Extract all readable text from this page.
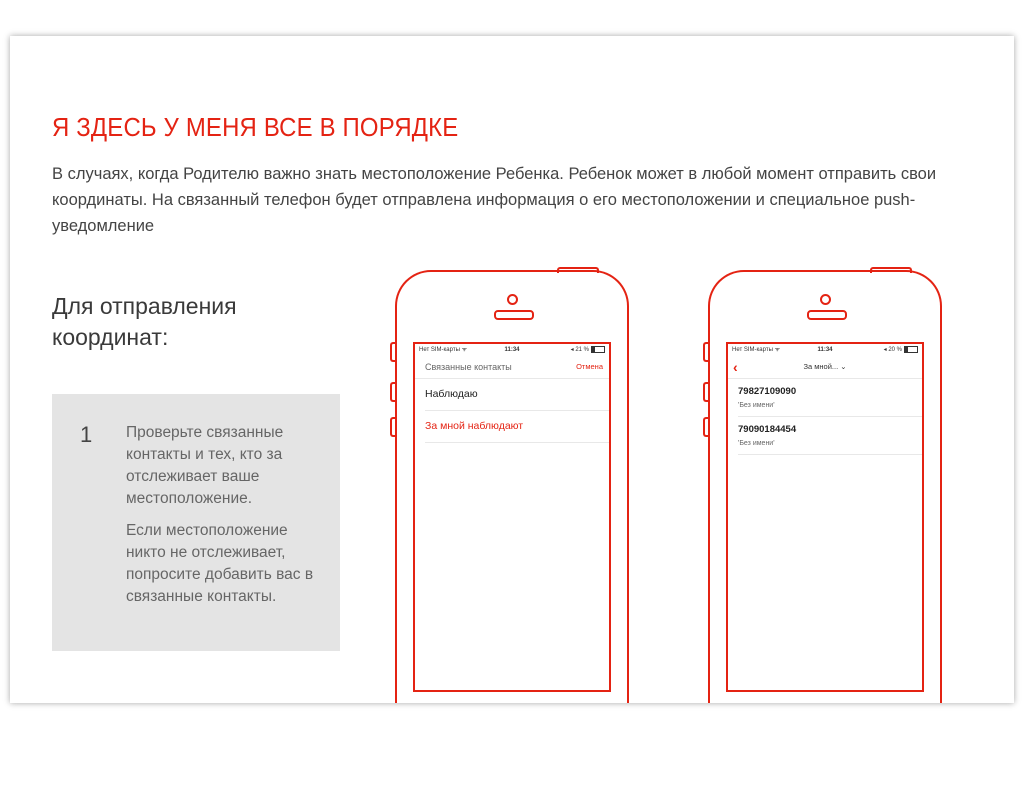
Я ЗДЕСЬ У МЕНЯ ВСЕ В ПОРЯДКЕ
В случаях, когда Родителю важно знать местоположение Ребенка. Ребенок может в любой момент отправить свои координаты. На связанный телефон будет отправлена информация о его местоположении и специальное push-уведомление
Для отправления координат:
1 Проверьте связанные контакты и тех, кто за отслеживает ваше местоположение.

Если местоположение никто не отслеживает, попросите добавить вас в связанные контакты.

Нет SIM-карты ᯤ	11:34	◂ 21 %
Связанные контакты	Отмена
Наблюдаю
За мной наблюдают
Нет SIM-карты ᯤ	11:34	◂ 20 %
‹	За мной... ⌄
79827109090
'Без имени'
79090184454
'Без имени'
